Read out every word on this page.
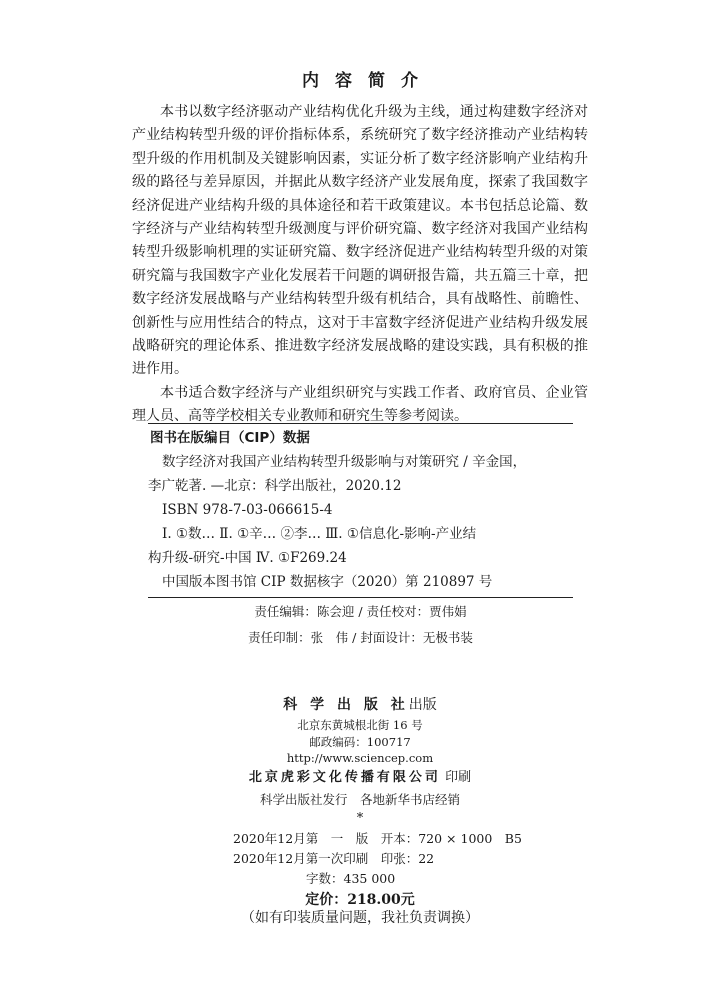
内 容 简 介

本书以数字经济驱动产业结构优化升级为主线，通过构建数字经济对产业结构转型升级的评价指标体系，系统研究了数字经济推动产业结构转型升级的作用机制及关键影响因素，实证分析了数字经济影响产业结构升级的路径与差异原因，并据此从数字经济产业发展角度，探索了我国数字经济促进产业结构升级的具体途径和若干政策建议。本书包括总论篇、数字经济与产业结构转型升级测度与评价研究篇、数字经济对我国产业结构转型升级影响机理的实证研究篇、数字经济促进产业结构转型升级的对策研究篇与我国数字产业化发展若干问题的调研报告篇，共五篇三十章，把数字经济发展战略与产业结构转型升级有机结合，具有战略性、前瞻性、创新性与应用性结合的特点，这对于丰富数字经济促进产业结构升级发展战略研究的理论体系、推进数字经济发展战略的建设实践，具有积极的推进作用。

本书适合数字经济与产业组织研究与实践工作者、政府官员、企业管理人员、高等学校相关专业教师和研究生等参考阅读。

图书在版编目（CIP）数据
数字经济对我国产业结构转型升级影响与对策研究 / 辛金国，
李广乾著. —北京：科学出版社，2020.12
ISBN 978-7-03-066615-4
Ⅰ. ①数… Ⅱ. ①辛… ②李… Ⅲ. ①信息化-影响-产业结
构升级-研究-中国 Ⅳ. ①F269.24
中国版本图书馆 CIP 数据核字（2020）第 210897 号
责任编辑：陈会迎 / 责任校对：贾伟娟
责任印制：张　伟 / 封面设计：无极书装
科 学 出 版 社出版
北京东黄城根北街 16 号
邮政编码：100717
http://www.sciencep.com
北京虎彩文化传播有限公司 印刷
科学出版社发行　各地新华书店经销
*
2020年12月第　一　版　开本：720 × 1000　B5
2020年12月第一次印刷　印张：22
字数：435 000
定价：218.00元
（如有印装质量问题，我社负责调换）
